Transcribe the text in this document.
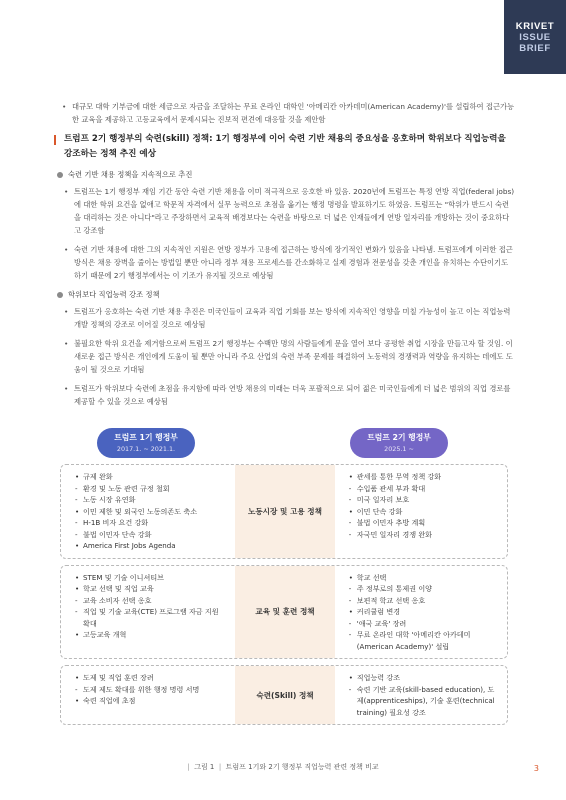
KRIVET
ISSUE
BRIEF
• 대규모 대학 기부금에 대한 세금으로 자금을 조달하는 무료 온라인 대학인 '아메리칸 아카데미(American Academy)'를 설립하여 접근가능한 교육을 제공하고 고등교육에서 문제시되는 진보적 편견에 대응할 것을 제안함
트럼프 2기 행정부의 숙련(skill) 정책: 1기 행정부에 이어 숙련 기반 채용의 중요성을 옹호하며 학위보다 직업능력을 강조하는 정책 추진 예상
숙련 기반 채용 정책을 지속적으로 추진
• 트럼프는 1기 행정부 재임 기간 동안 숙련 기반 채용을 이미 적극적으로 옹호한 바 있음. 2020년에 트럼프는 특정 연방 직업(federal jobs)에 대한 학위 요건을 없애고 학문적 자격에서 실무 능력으로 초점을 옮기는 행정 명령을 발표하기도 하였음. 트럼프는 "학위가 반드시 숙련을 대리하는 것은 아니다"라고 주장하면서 교육적 배경보다는 숙련을 바탕으로 더 넓은 인재들에게 연방 일자리를 개방하는 것이 중요하다고 강조함
• 숙련 기반 채용에 대한 그의 지속적인 지원은 연방 정부가 고용에 접근하는 방식에 장기적인 변화가 있음을 나타냄. 트럼프에게 이러한 접근 방식은 채용 장벽을 줄이는 방법일 뿐만 아니라 정부 채용 프로세스를 간소화하고 실제 경험과 전문성을 갖춘 개인을 유치하는 수단이기도 하기 때문에 2기 행정부에서는 이 기조가 유지될 것으로 예상됨
학위보다 직업능력 강조 정책
• 트럼프가 옹호하는 숙련 기반 채용 추진은 미국인들이 교육과 직업 기회를 보는 방식에 지속적인 영향을 미칠 가능성이 높고 이는 직업능력 개발 정책의 강조로 이어질 것으로 예상됨
• 불필요한 학위 요건을 제거함으로써 트럼프 2기 행정부는 수백만 명의 사람들에게 문을 열어 보다 공평한 취업 시장을 만들고자 할 것임. 이 새로운 접근 방식은 개인에게 도움이 될 뿐만 아니라 주요 산업의 숙련 부족 문제를 해결하여 노동력의 경쟁력과 역량을 유지하는 데에도 도움이 될 것으로 기대됨
• 트럼프가 학위보다 숙련에 초점을 유지함에 따라 연방 채용의 미래는 더욱 포괄적으로 되어 젊은 미국인들에게 더 넓은 범위의 직업 경로를 제공할 수 있을 것으로 예상됨
트럼프 1기 행정부
2017.1. ~ 2021.1.
트럼프 2기 행정부
2025.1 ~
• 규제 완화
- 환경 및 노동 관련 규정 철회
- 노동 시장 유연화
• 이민 제한 및 외국인 노동의존도 축소
- H-1B 비자 요건 강화
- 불법 이민자 단속 강화
• America First Jobs Agenda
노동시장 및 고용 정책
• 관세를 통한 무역 정책 강화
- 수입품 관세 부과 확대
- 미국 일자리 보호
• 이민 단속 강화
- 불법 이민자 추방 계획
- 자국민 일자리 경쟁 완화
• STEM 및 기술 이니셔티브
• 학교 선택 및 직업 교육
- 교육 소비자 선택 옹호
- 직업 및 기술 교육(CTE) 프로그램 자금 지원 확대
• 고등교육 개혁
교육 및 훈련 정책
• 학교 선택
- 주 정부로의 통제권 이양
- 보편적 학교 선택 옹호
• 커리큘럼 변경
- '애국 교육' 장려
- 무료 온라인 대학 '아메리칸 아카데미 (American Academy)' 설립
• 도제 및 직업 훈련 장려
- 도제 제도 확대를 위한 행정 명령 서명
• 숙련 직업에 초점
숙련(Skill) 정책
• 직업능력 강조
- 숙련 기반 교육(skill-based education), 도제(apprenticeships), 기술 훈련(technical training) 필요성 강조
| 그림 1 | 트럼프 1기와 2기 행정부 직업능력 관련 정책 비교	3
